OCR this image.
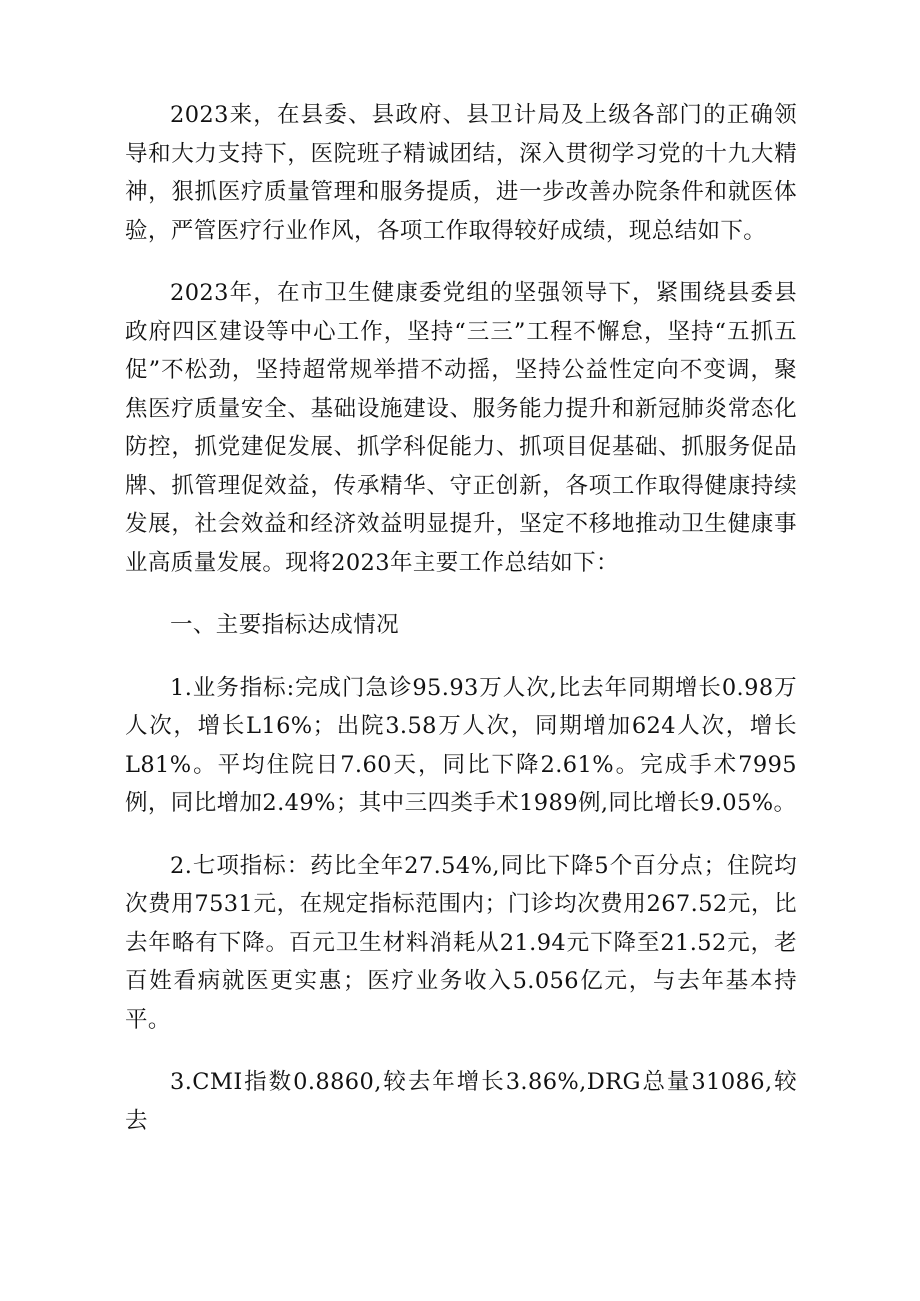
2023来，在县委、县政府、县卫计局及上级各部门的正确领导和大力支持下，医院班子精诚团结，深入贯彻学习党的十九大精神，狠抓医疗质量管理和服务提质，进一步改善办院条件和就医体验，严管医疗行业作风，各项工作取得较好成绩，现总结如下。

2023年，在市卫生健康委党组的坚强领导下，紧围绕县委县政府四区建设等中心工作，坚持“三三”工程不懈怠，坚持“五抓五促”不松劲，坚持超常规举措不动摇，坚持公益性定向不变调，聚焦医疗质量安全、基础设施建设、服务能力提升和新冠肺炎常态化防控，抓党建促发展、抓学科促能力、抓项目促基础、抓服务促品牌、抓管理促效益，传承精华、守正创新，各项工作取得健康持续发展，社会效益和经济效益明显提升，坚定不移地推动卫生健康事业高质量发展。现将2023年主要工作总结如下：

一、主要指标达成情况

1.业务指标:完成门急诊95.93万人次,比去年同期增长0.98万人次，增长L16%；出院3.58万人次，同期增加624人次，增长L81%。平均住院日7.60天，同比下降2.61%。完成手术7995例，同比增加2.49%；其中三四类手术1989例,同比增长9.05%。

2.七项指标：药比全年27.54%,同比下降5个百分点；住院均次费用7531元，在规定指标范围内；门诊均次费用267.52元，比去年略有下降。百元卫生材料消耗从21.94元下降至21.52元，老百姓看病就医更实惠；医疗业务收入5.056亿元，与去年基本持平。

3.CMI指数0.8860,较去年增长3.86%,DRG总量31086,较去
